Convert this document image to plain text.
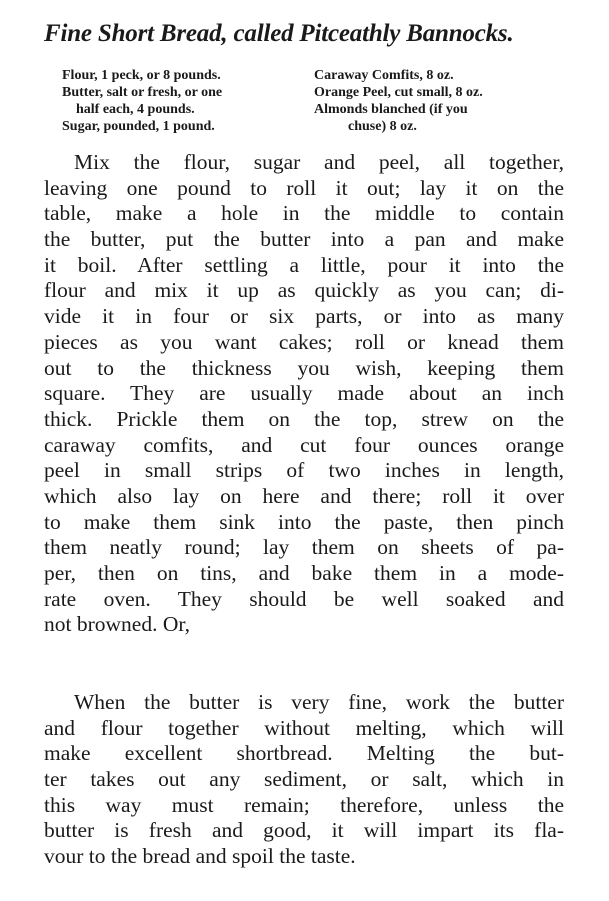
Fine Short Bread, called Pitceathly Bannocks.
Flour, 1 peck, or 8 pounds.
Butter, salt or fresh, or one
half each, 4 pounds.
Sugar, pounded, 1 pound.
Caraway Comfits, 8 oz.
Orange Peel, cut small, 8 oz.
Almonds blanched (if you
chuse) 8 oz.
Mix the flour, sugar and peel, all together,
leaving one pound to roll it out; lay it on the
table, make a hole in the middle to contain
the butter, put the butter into a pan and make
it boil. After settling a little, pour it into the
flour and mix it up as quickly as you can; di-
vide it in four or six parts, or into as many
pieces as you want cakes; roll or knead them
out to the thickness you wish, keeping them
square. They are usually made about an inch
thick. Prickle them on the top, strew on the
caraway comfits, and cut four ounces orange
peel in small strips of two inches in length,
which also lay on here and there; roll it over
to make them sink into the paste, then pinch
them neatly round; lay them on sheets of pa-
per, then on tins, and bake them in a mode-
rate oven. They should be well soaked and
not browned. Or,
When the butter is very fine, work the butter
and flour together without melting, which will
make excellent shortbread. Melting the but-
ter takes out any sediment, or salt, which in
this way must remain; therefore, unless the
butter is fresh and good, it will impart its fla-
vour to the bread and spoil the taste.
